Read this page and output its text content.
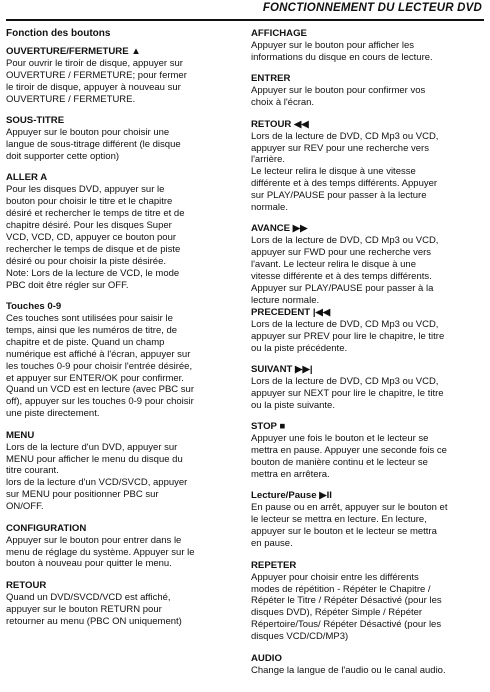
FONCTIONNEMENT DU LECTEUR DVD

Fonction des boutons

OUVERTURE/FERMETURE ▲

Pour ouvrir le tiroir de disque, appuyer sur
OUVERTURE / FERMETURE; pour fermer
le tiroir de disque, appuyer à nouveau sur
OUVERTURE / FERMETURE.

SOUS-TITRE

Appuyer sur le bouton pour choisir une
langue de sous-titrage différent (le disque
doit supporter cette option)

ALLER A

Pour les disques DVD, appuyer sur le
bouton pour choisir le titre et le chapitre
désiré et rechercher le temps de titre et de
chapitre désiré. Pour les disques Super
VCD, VCD, CD, appuyer ce bouton pour
rechercher le temps de disque et de piste
désiré ou pour choisir la piste désirée.
Note: Lors de la lecture de VCD, le mode
PBC doit être régler sur OFF.

Touches 0-9

Ces touches sont utilisées pour saisir le
temps, ainsi que les numéros de titre, de
chapitre et de piste. Quand un champ
numérique est affiché à l'écran, appuyer sur
les touches 0-9 pour choisir l'entrée désirée,
et appuyer sur ENTER/OK pour confirmer.
Quand un VCD est en lecture (avec PBC sur
off), appuyer sur les touches 0-9 pour choisir
une piste directement.

MENU

Lors de la lecture d'un DVD, appuyer sur
MENU pour afficher le menu du disque du
titre courant.
lors de la lecture d'un VCD/SVCD, appuyer
sur MENU pour positionner PBC sur
ON/OFF.

CONFIGURATION

Appuyer sur le bouton pour entrer dans le
menu de réglage du système. Appuyer sur le
bouton à nouveau pour quitter le menu.

RETOUR

Quand un DVD/SVCD/VCD est affiché,
appuyer sur le bouton RETURN pour
retourner au menu (PBC ON uniquement)

AFFICHAGE

Appuyer sur le bouton pour afficher les
informations du disque en cours de lecture.

ENTRER

Appuyer sur le bouton pour confirmer vos
choix à l'écran.

RETOUR ◀◀

Lors de la lecture de DVD, CD Mp3 ou VCD,
appuyer sur REV pour une recherche vers
l'arrière.
Le lecteur relira le disque à une vitesse
différente et à des temps différents. Appuyer
sur PLAY/PAUSE pour passer à la lecture
normale.

AVANCE ▶▶

Lors de la lecture de DVD, CD Mp3 ou VCD,
appuyer sur FWD pour une recherche vers
l'avant. Le lecteur relira le disque à une
vitesse différente et à des temps différents.
Appuyer sur PLAY/PAUSE pour passer à la
lecture normale.

PRECEDENT |◀◀

Lors de la lecture de DVD, CD Mp3 ou VCD,
appuyer sur PREV pour lire le chapitre, le titre
ou la piste précédente.

SUIVANT ▶▶|

Lors de la lecture de DVD, CD Mp3 ou VCD,
appuyer sur NEXT pour lire le chapitre, le titre
ou la piste suivante.

STOP ■

Appuyer une fois le bouton et le lecteur se
mettra en pause. Appuyer une seconde fois ce
bouton de manière continu et le lecteur se
mettra en arrêtera.

Lecture/Pause ▶II

En pause ou en arrêt, appuyer sur le bouton et
le lecteur se mettra en lecture. En lecture,
appuyer sur le bouton et le lecteur se mettra
en pause.

REPETER

Appuyer pour choisir entre les différents
modes de répétition - Répéter le Chapitre /
Répéter le Titre / Répéter Désactivé (pour les
disques DVD), Répéter Simple / Répéter
Répertoire/Tous/ Répéter Désactivé (pour les
disques VCD/CD/MP3)

AUDIO

Change la langue de l'audio ou le canal audio.
